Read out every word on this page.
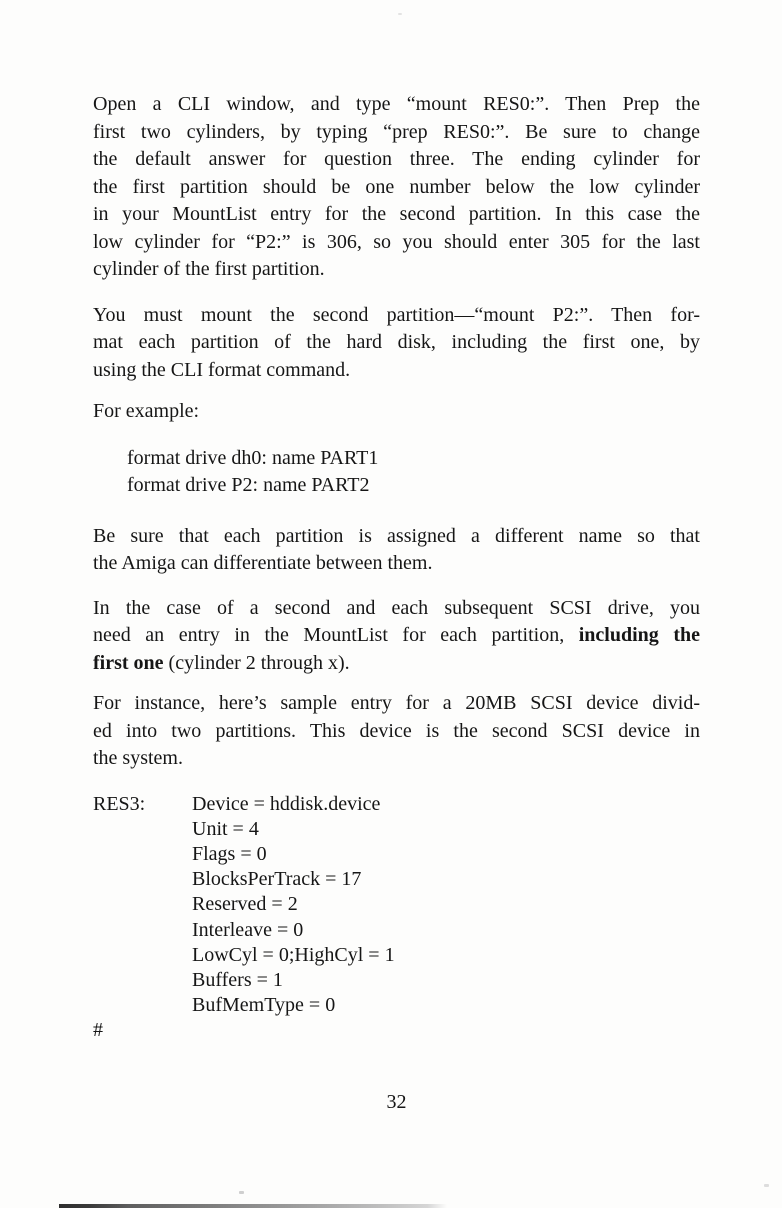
Open a CLI window, and type “mount RES0:”. Then Prep the
first two cylinders, by typing “prep RES0:”. Be sure to change
the default answer for question three. The ending cylinder for
the first partition should be one number below the low cylinder
in your MountList entry for the second partition. In this case the
low cylinder for “P2:” is 306, so you should enter 305 for the last
cylinder of the first partition.
You must mount the second partition—“mount P2:”. Then for-
mat each partition of the hard disk, including the first one, by
using the CLI format command.
For example:
format drive dh0: name PART1
format drive P2: name PART2
Be sure that each partition is assigned a different name so that
the Amiga can differentiate between them.
In the case of a second and each subsequent SCSI drive, you
need an entry in the MountList for each partition, including the
first one (cylinder 2 through x).
For instance, here’s sample entry for a 20MB SCSI device divid-
ed into two partitions. This device is the second SCSI device in
the system.
RES3:	Device = hddisk.device
Unit = 4
Flags = 0
BlocksPerTrack = 17
Reserved = 2
Interleave = 0
LowCyl = 0;HighCyl = 1
Buffers = 1
BufMemType = 0
#
32
